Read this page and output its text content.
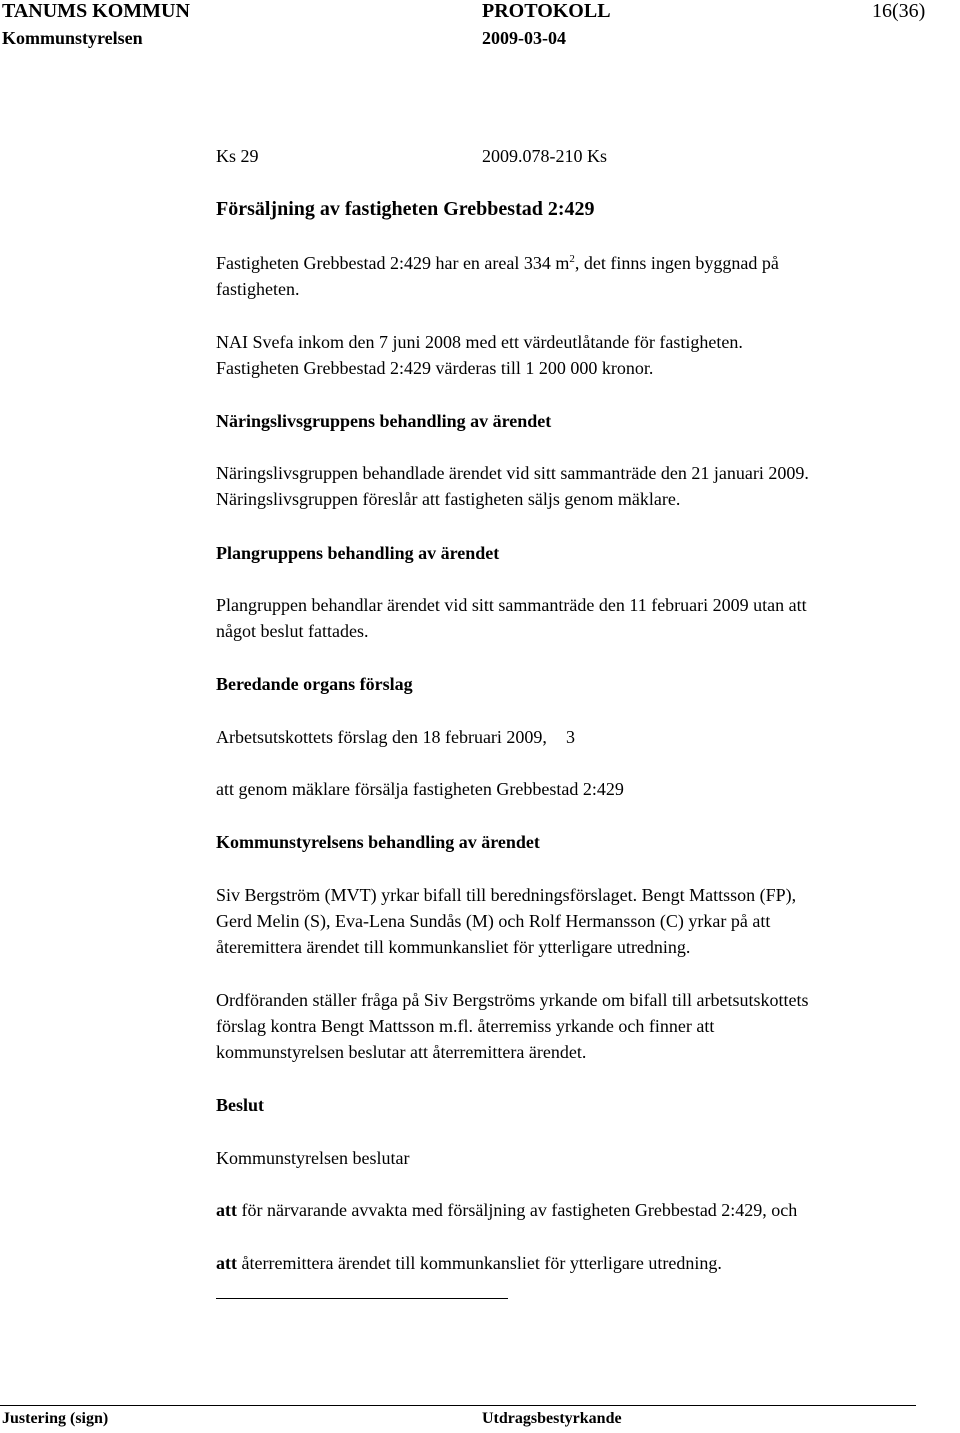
TANUMS KOMMUN	PROTOKOLL	16(36)
Kommunstyrelsen	2009-03-04
Ks 29	2009.078-210 Ks
Försäljning av fastigheten Grebbestad 2:429
Fastigheten Grebbestad 2:429 har en areal 334 $m^2$, det finns ingen byggnad på
fastigheten.
NAI Svefa inkom den 7 juni 2008 med ett värdeutlåtande för fastigheten.
Fastigheten Grebbestad 2:429 värderas till 1 200 000 kronor.
Näringslivsgruppens behandling av ärendet
Näringslivsgruppen behandlade ärendet vid sitt sammanträde den 21 januari 2009.
Näringslivsgruppen föreslår att fastigheten säljs genom mäklare.
Plangruppens behandling av ärendet
Plangruppen behandlar ärendet vid sitt sammanträde den 11 februari 2009 utan att
något beslut fattades.
Beredande organs förslag
Arbetsutskottets förslag den 18 februari 2009, 3
att genom mäklare försälja fastigheten Grebbestad 2:429
Kommunstyrelsens behandling av ärendet
Siv Bergström (MVT) yrkar bifall till beredningsförslaget. Bengt Mattsson (FP),
Gerd Melin (S), Eva-Lena Sundås (M) och Rolf Hermansson (C) yrkar på att
återemittera ärendet till kommunkansliet för ytterligare utredning.
Ordföranden ställer fråga på Siv Bergströms yrkande om bifall till arbetsutskottets
förslag kontra Bengt Mattsson m.fl. återremiss yrkande och finner att
kommunstyrelsen beslutar att återremittera ärendet.
Beslut
Kommunstyrelsen beslutar
att för närvarande avvakta med försäljning av fastigheten Grebbestad 2:429, och
att återremittera ärendet till kommunkansliet för ytterligare utredning.
Justering (sign)	Utdragsbestyrkande
